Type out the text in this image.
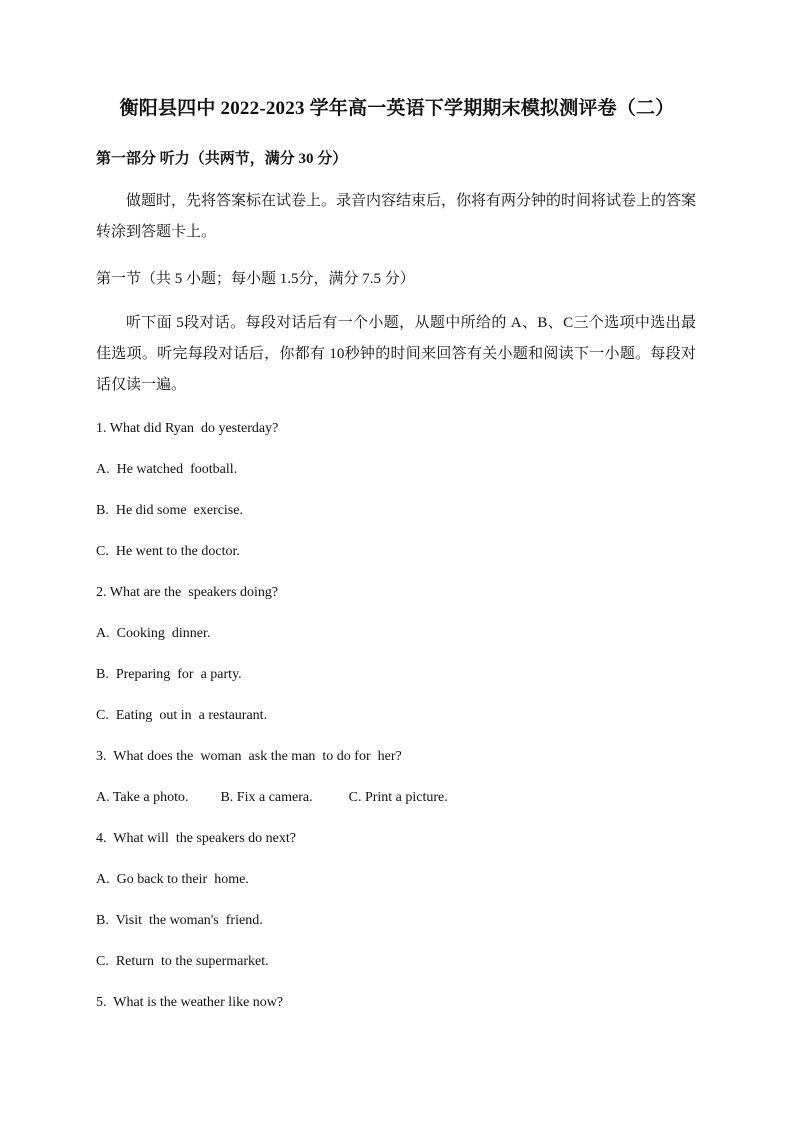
衡阳县四中 2022-2023 学年高一英语下学期期末模拟测评卷（二）
第一部分 听力（共两节，满分 30 分）
做题时，先将答案标在试卷上。录音内容结束后，你将有两分钟的时间将试卷上的答案转涂到答题卡上。
第一节（共 5 小题；每小题 1.5分，满分 7.5 分）
听下面 5段对话。每段对话后有一个小题，从题中所给的 A、B、C三个选项中选出最佳选项。听完每段对话后，你都有 10秒钟的时间来回答有关小题和阅读下一小题。每段对话仅读一遍。
1. What did Ryan  do yesterday?
A.  He watched  football.
B.  He did some  exercise.
C.  He went to the doctor.
2. What are the  speakers doing?
A.  Cooking  dinner.
B.  Preparing  for  a party.
C.  Eating  out in  a restaurant.
3.  What does the  woman  ask the man  to do for  her?
A. Take a photo. B. Fix a camera.	C. Print a picture.
4.  What will  the speakers do next?
A.  Go back to their  home.
B.  Visit  the woman's  friend.
C.  Return  to the supermarket.
5.  What is the weather like now?
